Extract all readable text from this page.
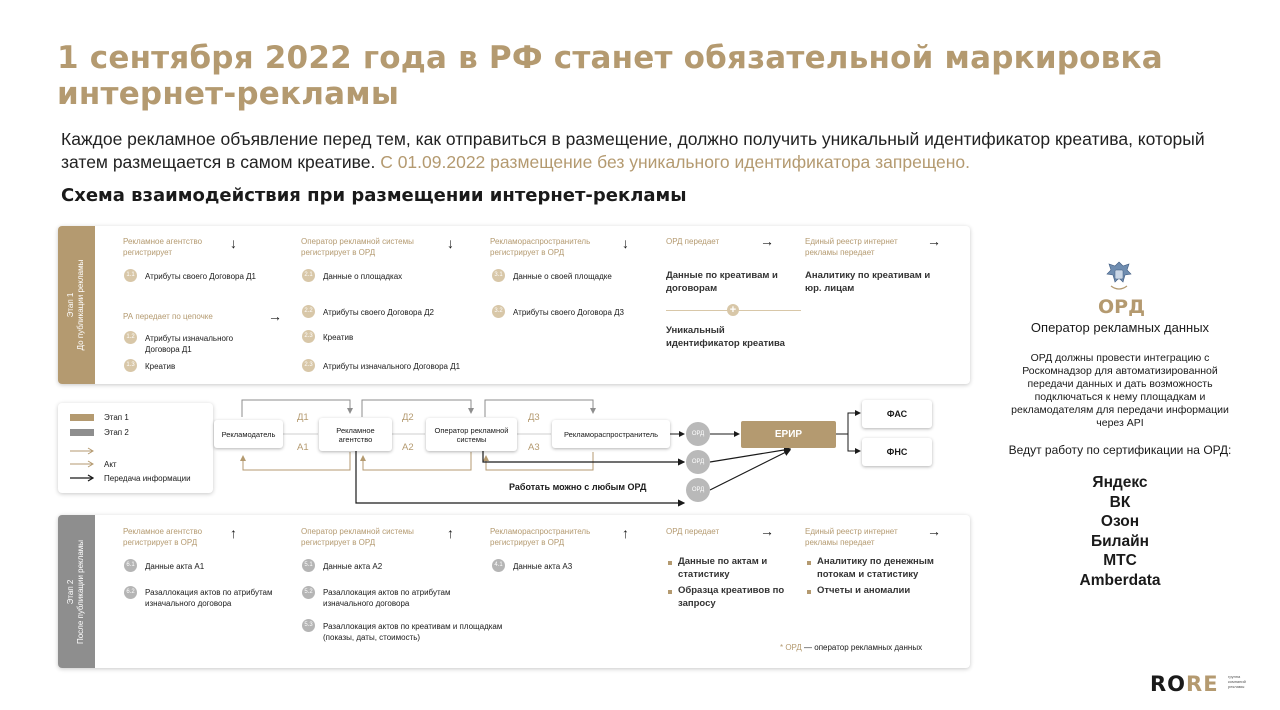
1 сентября 2022 года в РФ станет обязательной маркировка интернет-рекламы
Каждое рекламное объявление перед тем, как отправиться в размещение, должно получить уникальный идентификатор креатива, который затем размещается в самом креативе. С 01.09.2022 размещение без уникального идентификатора запрещено.
Схема взаимодействия при размещении интернет-рекламы
Этап 1 До публикации рекламы
Рекламное агентство регистрирует
↓
1.1 Атрибуты своего Договора Д1
РА передает по цепочке	→
1.2 Атрибуты изначального Договора Д1
1.3 Креатив
Оператор рекламной системы регистрирует в ОРД
↓
2.1 Данные о площадках
2.2 Атрибуты своего Договора Д2
2.3 Креатив
2.3 Атрибуты изначального Договора Д1
Рекламораспространитель регистрирует в ОРД
↓
3.1 Данные о своей площадке
3.2 Атрибуты своего Договора Д3
ОРД передает	→
Данные по креативам и договорам
+
Уникальный идентификатор креатива
Единый реестр интернет рекламы передает
→
Аналитику по креативам и юр. лицам
Этап 1
Этап 2
Акт
Передача информации
Рекламодатель	Рекламное агентство
Оператор рекламной системы
Рекламораспространитель
Д1	Д2	Д3
А1	А2	А3
ОРД
ОРД
ОРД
ЕРИР
ФАС
ФНС
Работать можно с любым ОРД
Этап 2 После публикации рекламы
Рекламное агентство регистрирует в ОРД
↑
6.1 Данные акта А1
6.2 Разаллокация актов по атрибутам изначального договора
Оператор рекламной системы регистрирует в ОРД
↑
5.1 Данные акта А2
5.2 Разаллокация актов по атрибутам изначального договора
5.3 Разаллокация актов по креативам и площадкам (показы, даты, стоимость)
Рекламораспространитель регистрирует в ОРД
↑
4.1 Данные акта А3
ОРД передает	→
Данные по актам и статистику
Образца креативов по запросу
Единый реестр интернет рекламы передает
→
Аналитику по денежным потокам и статистику
Отчеты и аномалии
* ОРД — оператор рекламных данных
ОРД
Оператор рекламных данных
ОРД должны провести интеграцию с Роскомнадзор для автоматизированной передачи данных и дать возможность подключаться к нему площадкам и рекламодателям для передачи информации через API
Ведут работу по сертификации на ОРД:
Яндекс
ВК
Озон
Билайн
МТС
Amberdata
RORE группа компаний рекламы
